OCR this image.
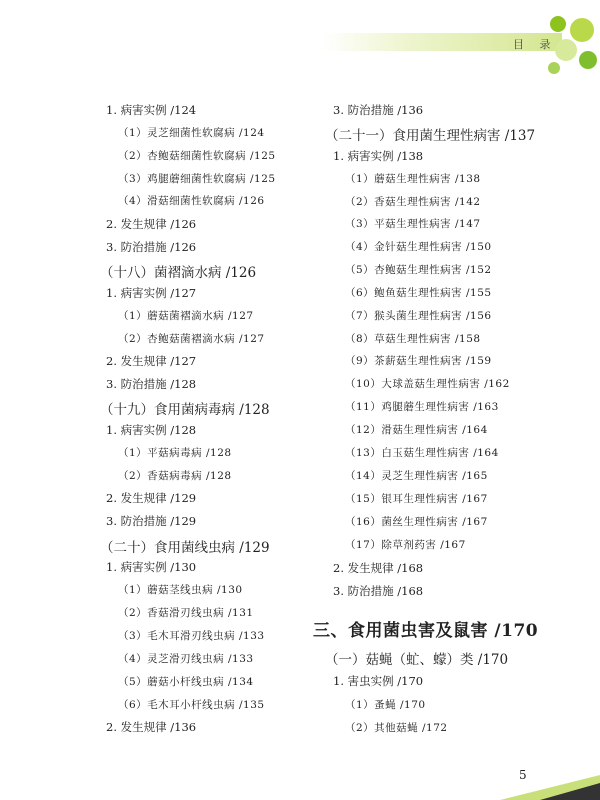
目 录
1. 病害实例 /124
（1）灵芝细菌性软腐病 /124
（2）杏鲍菇细菌性软腐病 /125
（3）鸡腿蘑细菌性软腐病 /125
（4）滑菇细菌性软腐病 /126
2. 发生规律 /126
3. 防治措施 /126
（十八）菌褶滴水病 /126
1. 病害实例 /127
（1）蘑菇菌褶滴水病 /127
（2）杏鲍菇菌褶滴水病 /127
2. 发生规律 /127
3. 防治措施 /128
（十九）食用菌病毒病 /128
1. 病害实例 /128
（1）平菇病毒病 /128
（2）香菇病毒病 /128
2. 发生规律 /129
3. 防治措施 /129
（二十）食用菌线虫病 /129
1. 病害实例 /130
（1）蘑菇茎线虫病 /130
（2）香菇滑刃线虫病 /131
（3）毛木耳滑刃线虫病 /133
（4）灵芝滑刃线虫病 /133
（5）蘑菇小杆线虫病 /134
（6）毛木耳小杆线虫病 /135
2. 发生规律 /136
3. 防治措施 /136
（二十一）食用菌生理性病害 /137
1. 病害实例 /138
（1）蘑菇生理性病害 /138
（2）香菇生理性病害 /142
（3）平菇生理性病害 /147
（4）金针菇生理性病害 /150
（5）杏鲍菇生理性病害 /152
（6）鲍鱼菇生理性病害 /155
（7）猴头菌生理性病害 /156
（8）草菇生理性病害 /158
（9）茶薪菇生理性病害 /159
（10）大球盖菇生理性病害 /162
（11）鸡腿蘑生理性病害 /163
（12）滑菇生理性病害 /164
（13）白玉菇生理性病害 /164
（14）灵芝生理性病害 /165
（15）银耳生理性病害 /167
（16）菌丝生理性病害 /167
（17）除草剂药害 /167
2. 发生规律 /168
3. 防治措施 /168
三、食用菌虫害及鼠害 /170
（一）菇蝇（虻、蠓）类 /170
1. 害虫实例 /170
（1）蚤蝇 /170
（2）其他菇蝇 /172
5
